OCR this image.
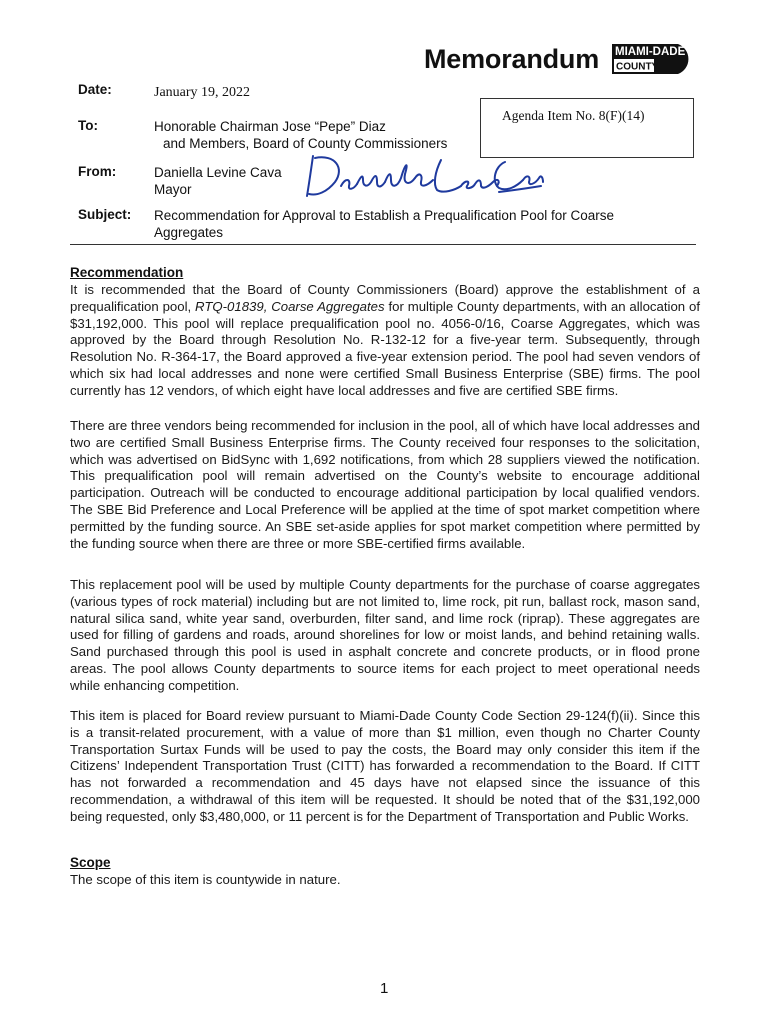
Memorandum MIAMI-DADE
COUNTY
Date:	January 19, 2022
Agenda Item No. 8(F)(14)
To:	Honorable Chairman Jose “Pepe” Diaz
and Members, Board of County Commissioners
From:	Daniella Levine Cava
Mayor
Subject: Recommendation for Approval to Establish a Prequalification Pool for Coarse
Aggregates
Recommendation

It is recommended that the Board of County Commissioners (Board) approve the establishment of a prequalification pool, RTQ-01839, Coarse Aggregates for multiple County departments, with an allocation of $31,192,000. This pool will replace prequalification pool no. 4056-0/16, Coarse Aggregates, which was approved by the Board through Resolution No. R-132-12 for a five-year term. Subsequently, through Resolution No. R-364-17, the Board approved a five-year extension period. The pool had seven vendors of which six had local addresses and none were certified Small Business Enterprise (SBE) firms. The pool currently has 12 vendors, of which eight have local addresses and five are certified SBE firms.

There are three vendors being recommended for inclusion in the pool, all of which have local addresses and two are certified Small Business Enterprise firms. The County received four responses to the solicitation, which was advertised on BidSync with 1,692 notifications, from which 28 suppliers viewed the notification. This prequalification pool will remain advertised on the County’s website to encourage additional participation. Outreach will be conducted to encourage additional participation by local qualified vendors. The SBE Bid Preference and Local Preference will be applied at the time of spot market competition where permitted by the funding source. An SBE set-aside applies for spot market competition where permitted by the funding source when there are three or more SBE-certified firms available.

This replacement pool will be used by multiple County departments for the purchase of coarse aggregates (various types of rock material) including but are not limited to, lime rock, pit run, ballast rock, mason sand, natural silica sand, white year sand, overburden, filter sand, and lime rock (riprap). These aggregates are used for filling of gardens and roads, around shorelines for low or moist lands, and behind retaining walls. Sand purchased through this pool is used in asphalt concrete and concrete products, or in flood prone areas. The pool allows County departments to source items for each project to meet operational needs while enhancing competition.

This item is placed for Board review pursuant to Miami-Dade County Code Section 29-124(f)(ii). Since this is a transit-related procurement, with a value of more than $1 million, even though no Charter County Transportation Surtax Funds will be used to pay the costs, the Board may only consider this item if the Citizens’ Independent Transportation Trust (CITT) has forwarded a recommendation to the Board. If CITT has not forwarded a recommendation and 45 days have not elapsed since the issuance of this recommendation, a withdrawal of this item will be requested. It should be noted that of the $31,192,000 being requested, only $3,480,000, or 11 percent is for the Department of Transportation and Public Works.

Scope

The scope of this item is countywide in nature.

1
